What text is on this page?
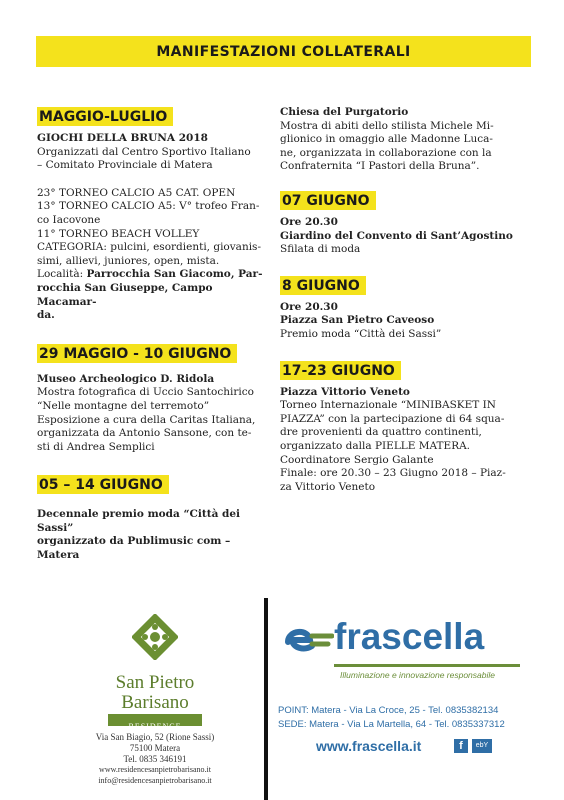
MANIFESTAZIONI COLLATERALI
MAGGIO-LUGLIO
GIOCHI DELLA BRUNA 2018
Organizzati dal Centro Sportivo Italiano
– Comitato Provinciale di Matera
23° TORNEO CALCIO A5 CAT. OPEN
13° TORNEO CALCIO A5: V° trofeo Fran-
co Iacovone
11° TORNEO BEACH VOLLEY
CATEGORIA: pulcini, esordienti, giovanis-
simi, allievi, juniores, open, mista.
Località: Parrocchia San Giacomo, Par-
rocchia San Giuseppe, Campo Macamar-
da.
29 MAGGIO - 10 GIUGNO
Museo Archeologico D. Ridola
Mostra fotografica di Uccio Santochirico
“Nelle montagne del terremoto”
Esposizione a cura della Caritas Italiana,
organizzata da Antonio Sansone, con te-
sti di Andrea Semplici
05 – 14 GIUGNO
Decennale premio moda “Città dei Sassi”
organizzato da Publimusic com – Matera
Chiesa del Purgatorio
Mostra di abiti dello stilista Michele Mi-
glionico in omaggio alle Madonne Luca-
ne, organizzata in collaborazione con la
Confraternita “I Pastori della Bruna”.
07 GIUGNO
Ore 20.30
Giardino del Convento di Sant’Agostino
Sfilata di moda
8 GIUGNO
Ore 20.30
Piazza San Pietro Caveoso
Premio moda “Città dei Sassi”
17-23 GIUGNO
Piazza Vittorio Veneto
Torneo Internazionale “MINIBASKET IN
PIAZZA” con la partecipazione di 64 squa-
dre provenienti da quattro continenti,
organizzato dalla PIELLE MATERA.
Coordinatore Sergio Galante
Finale: ore 20.30 – 23 Giugno 2018 – Piaz-
za Vittorio Veneto
San Pietro
Barisano
RESIDENCE
Via San Biagio, 52 (Rione Sassi)
75100 Matera
Tel. 0835 346191
www.residencesanpietrobarisano.it
info@residencesanpietrobarisano.it
frascella
Illuminazione e innovazione responsabile
POINT: Matera - Via La Croce, 25 - Tel. 0835382134
SEDE: Matera - Via La Martella, 64 - Tel. 0835337312
www.frascella.it	f	ebY
